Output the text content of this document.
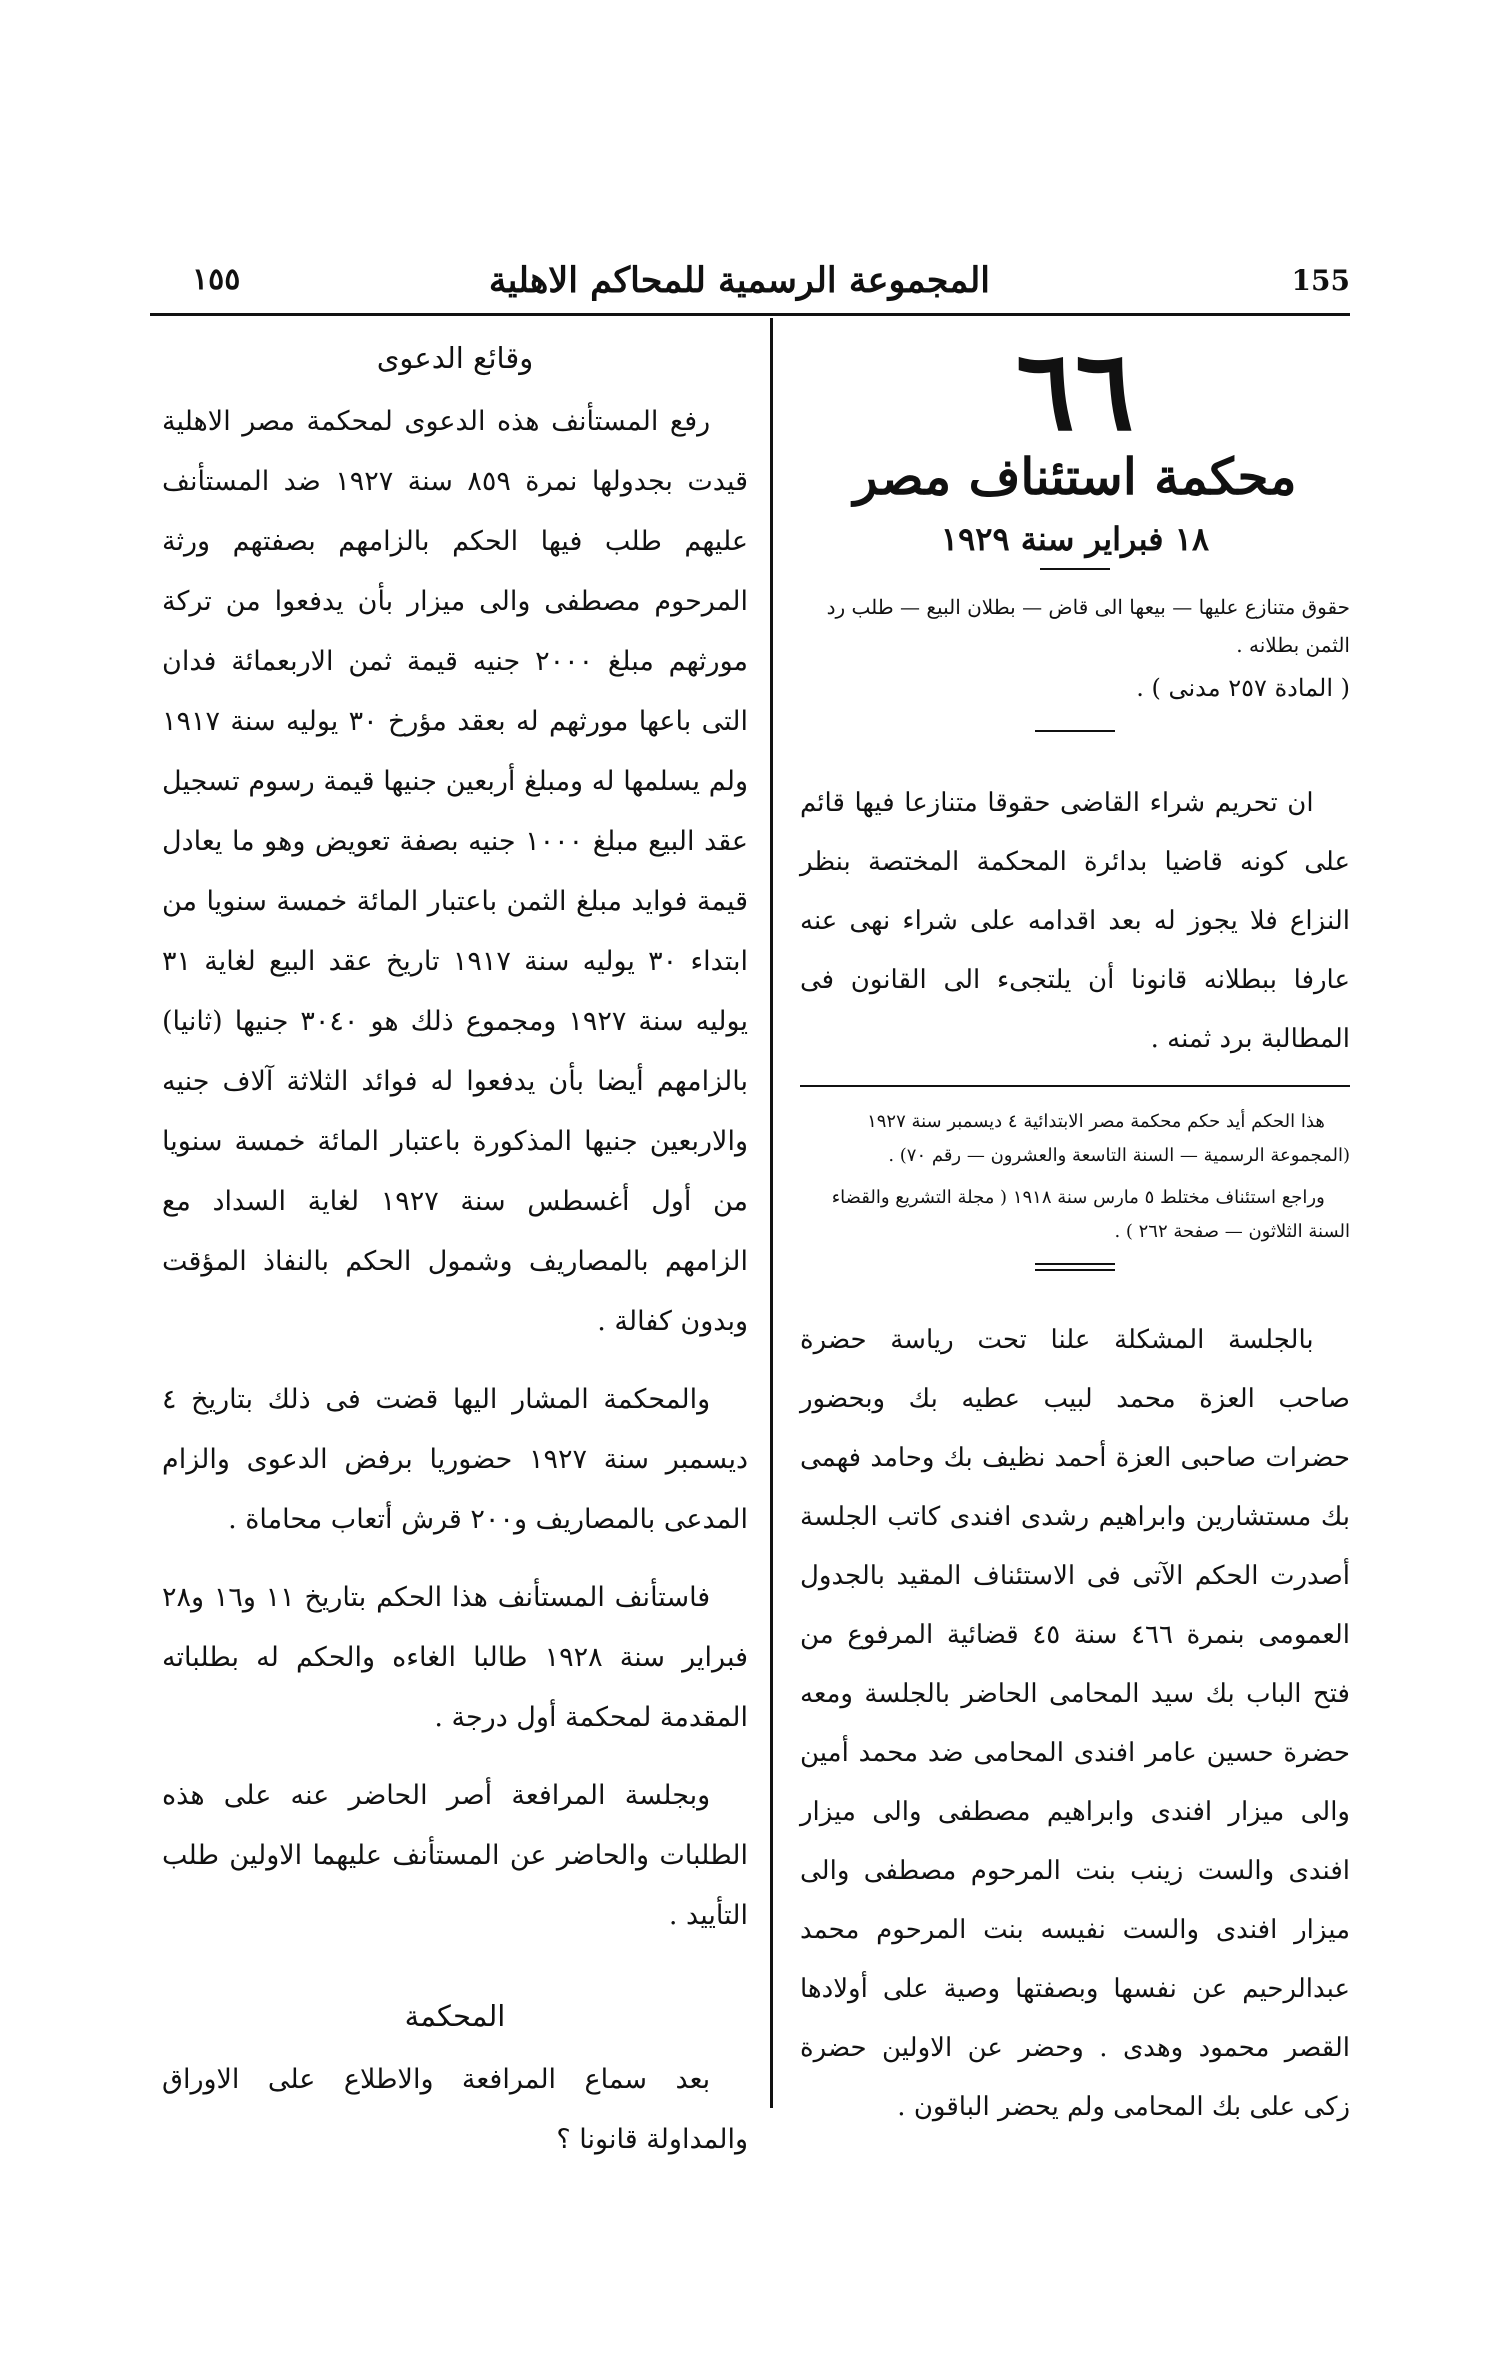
١٥٥	المجموعة الرسمية للمحاكم الاهلية	155
٦٦
محكمة استئناف مصر
١٨ فبراير سنة ١٩٢٩

حقوق متنازع عليها — بيعها الى قاض — بطلان البيع — طلب رد الثمن بطلانه .

( المادة ٢٥٧ مدنى ) .

ان تحريم شراء القاضى حقوقا متنازعا فيها قائم على كونه قاضيا بدائرة المحكمة المختصة بنظر النزاع فلا يجوز له بعد اقدامه على شراء نهى عنه عارفا ببطلانه قانونا أن يلتجىء الى القانون فى المطالبة برد ثمنه .

هذا الحكم أيد حكم محكمة مصر الابتدائية ٤ ديسمبر سنة ١٩٢٧ (المجموعة الرسمية — السنة التاسعة والعشرون — رقم ٧٠) .

وراجع استئناف مختلط ٥ مارس سنة ١٩١٨ ( مجلة التشريع والقضاء السنة الثلاثون — صفحة ٢٦٢ ) .

بالجلسة المشكلة علنا تحت رياسة حضرة صاحب العزة محمد لبيب عطيه بك وبحضور حضرات صاحبى العزة أحمد نظيف بك وحامد فهمى بك مستشارين وابراهيم رشدى افندى كاتب الجلسة أصدرت الحكم الآتى فى الاستئناف المقيد بالجدول العمومى بنمرة ٤٦٦ سنة ٤٥ قضائية المرفوع من فتح الباب بك سيد المحامى الحاضر بالجلسة ومعه حضرة حسين عامر افندى المحامى ضد محمد أمين والى ميزار افندى وابراهيم مصطفى والى ميزار افندى والست زينب بنت المرحوم مصطفى والى ميزار افندى والست نفيسه بنت المرحوم محمد عبدالرحيم عن نفسها وبصفتها وصية على أولادها القصر محمود وهدى . وحضر عن الاولين حضرة زكى على بك المحامى ولم يحضر الباقون .

وقائع الدعوى

رفع المستأنف هذه الدعوى لمحكمة مصر الاهلية قيدت بجدولها نمرة ٨٥٩ سنة ١٩٢٧ ضد المستأنف عليهم طلب فيها الحكم بالزامهم بصفتهم ورثة المرحوم مصطفى والى ميزار بأن يدفعوا من تركة مورثهم مبلغ ٢٠٠٠ جنيه قيمة ثمن الاربعمائة فدان التى باعها مورثهم له بعقد مؤرخ ٣٠ يوليه سنة ١٩١٧ ولم يسلمها له ومبلغ أربعين جنيها قيمة رسوم تسجيل عقد البيع مبلغ ١٠٠٠ جنيه بصفة تعويض وهو ما يعادل قيمة فوايد مبلغ الثمن باعتبار المائة خمسة سنويا من ابتداء ٣٠ يوليه سنة ١٩١٧ تاريخ عقد البيع لغاية ٣١ يوليه سنة ١٩٢٧ ومجموع ذلك هو ٣٠٤٠ جنيها (ثانيا) بالزامهم أيضا بأن يدفعوا له فوائد الثلاثة آلاف جنيه والاربعين جنيها المذكورة باعتبار المائة خمسة سنويا من أول أغسطس سنة ١٩٢٧ لغاية السداد مع الزامهم بالمصاريف وشمول الحكم بالنفاذ المؤقت وبدون كفالة .

والمحكمة المشار اليها قضت فى ذلك بتاريخ ٤ ديسمبر سنة ١٩٢٧ حضوريا برفض الدعوى والزام المدعى بالمصاريف و٢٠٠ قرش أتعاب محاماة .

فاستأنف المستأنف هذا الحكم بتاريخ ١١ و١٦ و٢٨ فبراير سنة ١٩٢٨ طالبا الغاءه والحكم له بطلباته المقدمة لمحكمة أول درجة .

وبجلسة المرافعة أصر الحاضر عنه على هذه الطلبات والحاضر عن المستأنف عليهما الاولين طلب التأييد .

المحكمة

بعد سماع المرافعة والاطلاع على الاوراق والمداولة قانونا ؟
